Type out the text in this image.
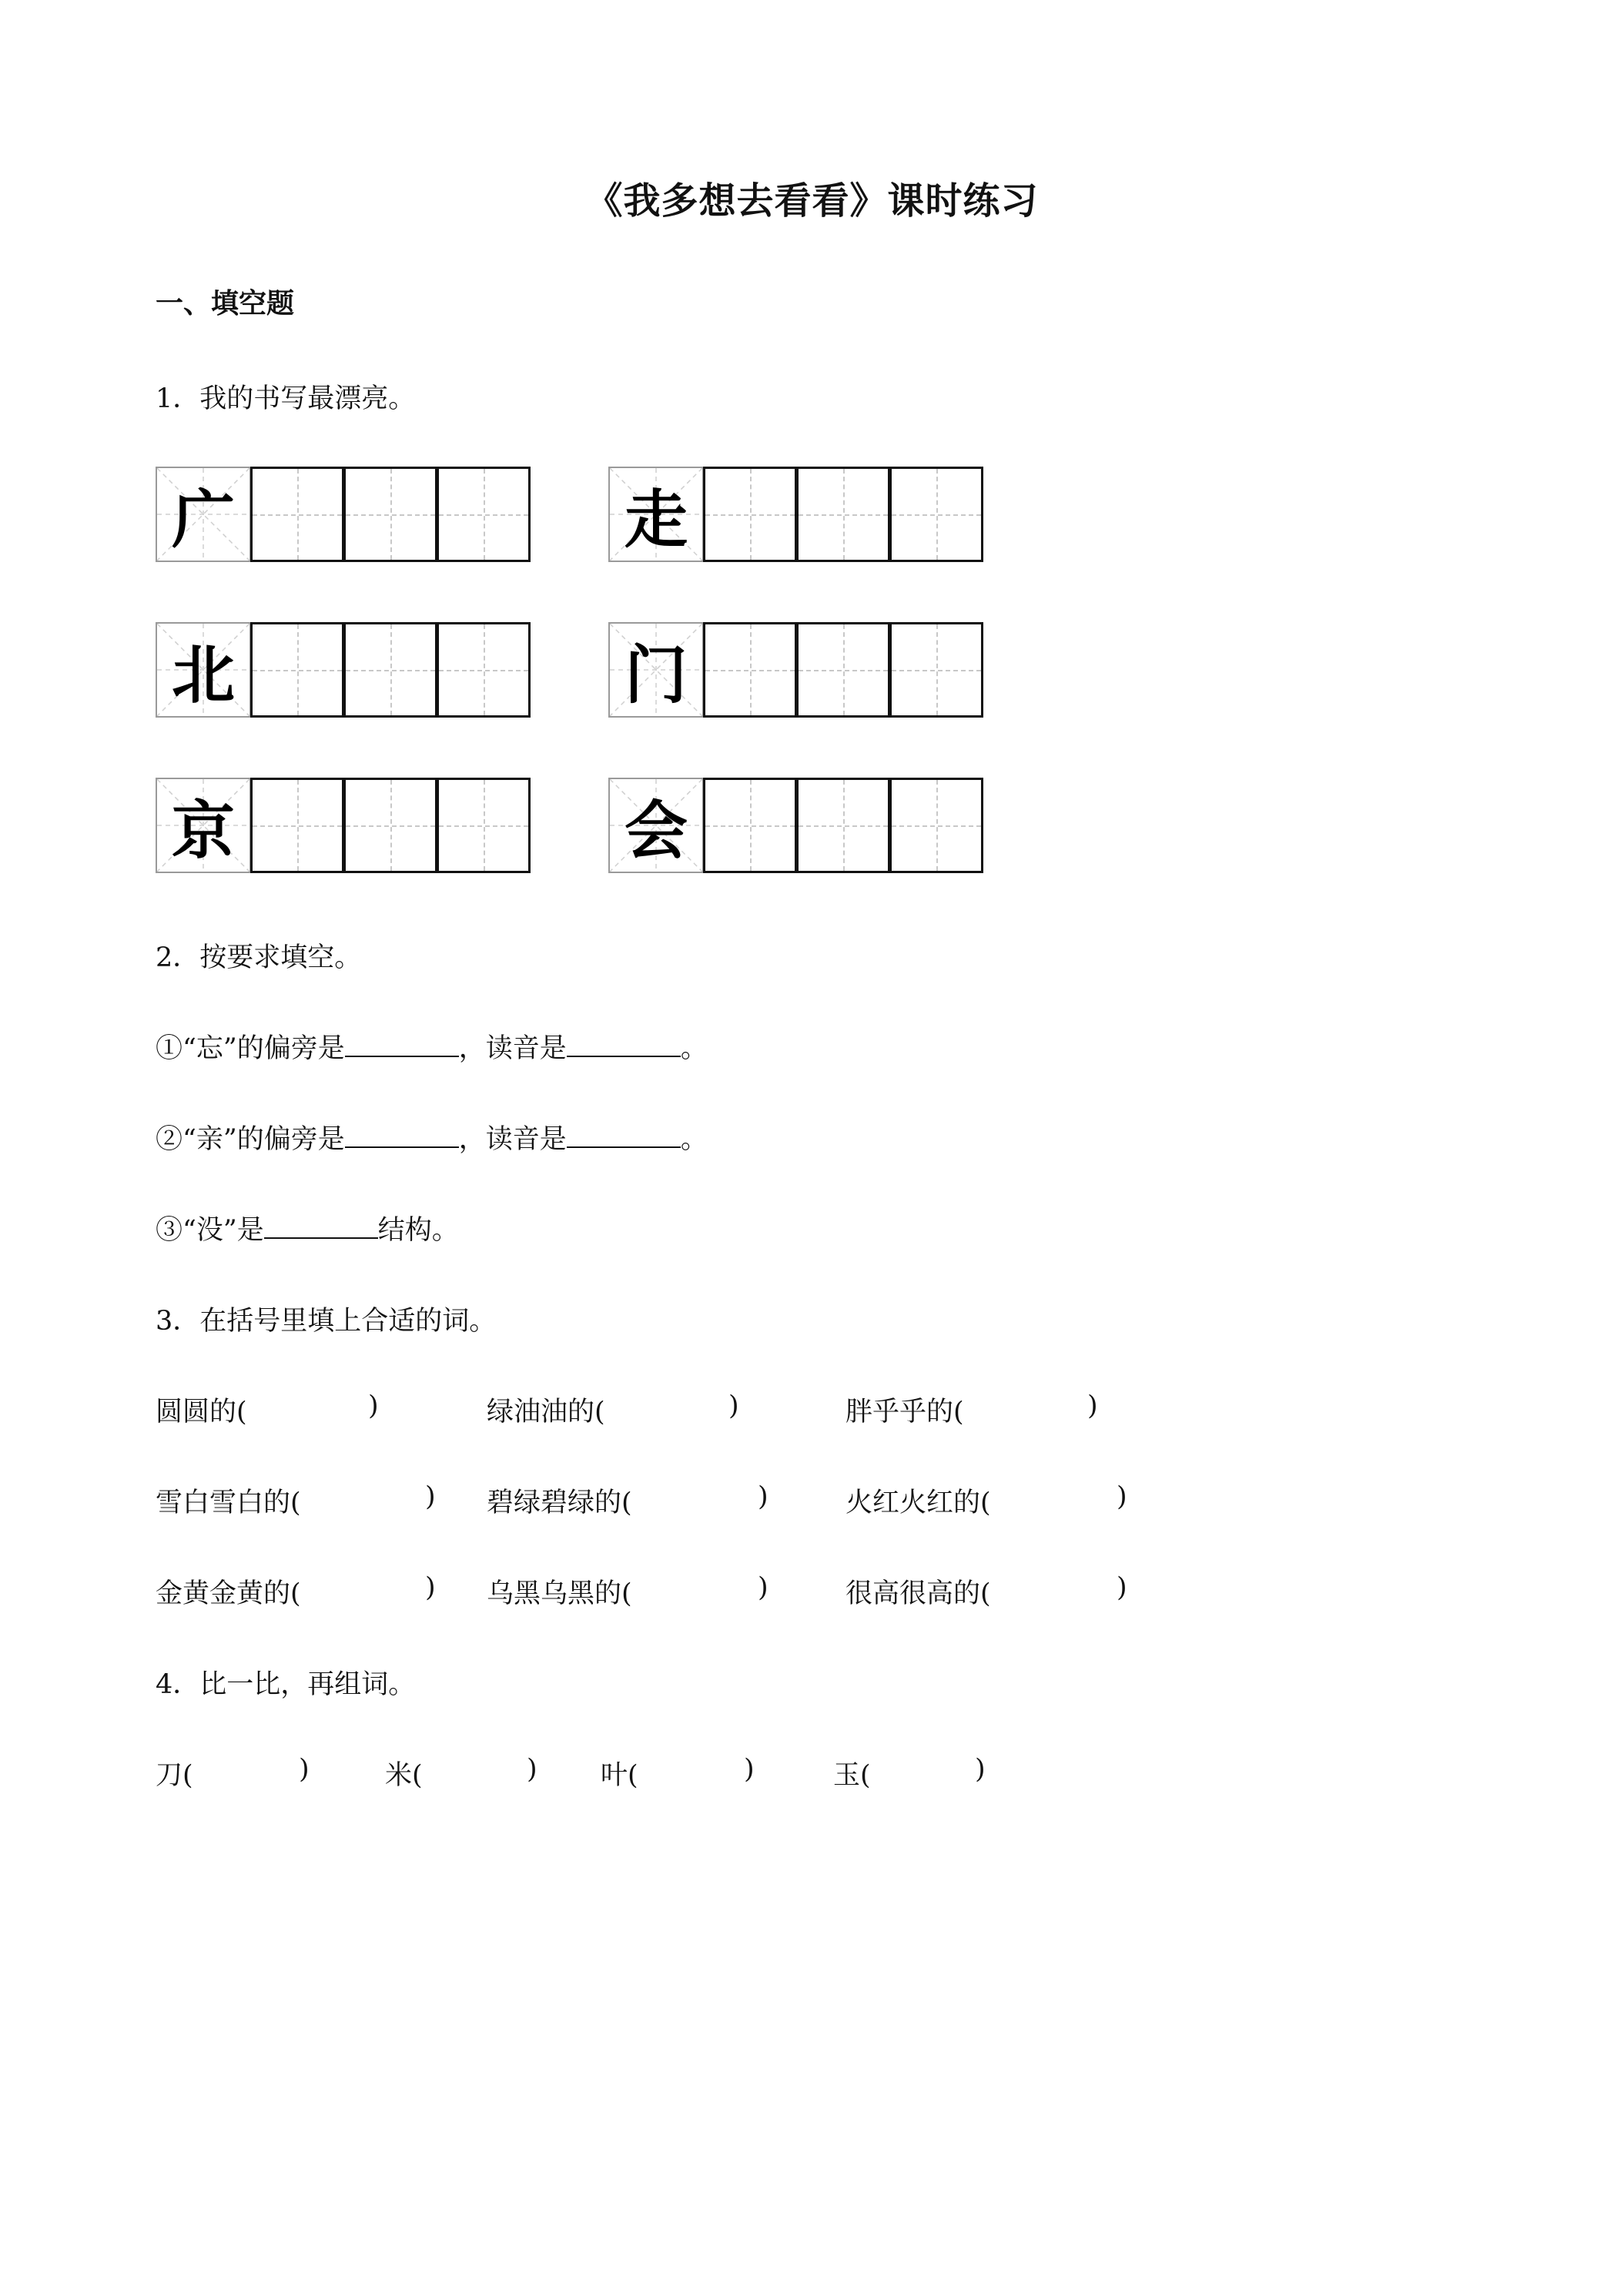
《我多想去看看》课时练习
一、填空题
1．我的书写最漂亮。
广	走
北	门
京	会
2．按要求填空。
①“忘”的偏旁是	，读音是	。
②“亲”的偏旁是	，读音是	。
③“没”是	结构。
3．在括号里填上合适的词。
圆圆的(	)	绿油油的(	)	胖乎乎的(	)
雪白雪白的(	) 碧绿碧绿的(	)	火红火红的(	)
金黄金黄的(	) 乌黑乌黑的(	)	很高很高的(	)
4．比一比，再组词。
刀(	)	米(	) 叶(	)	玉(	)
